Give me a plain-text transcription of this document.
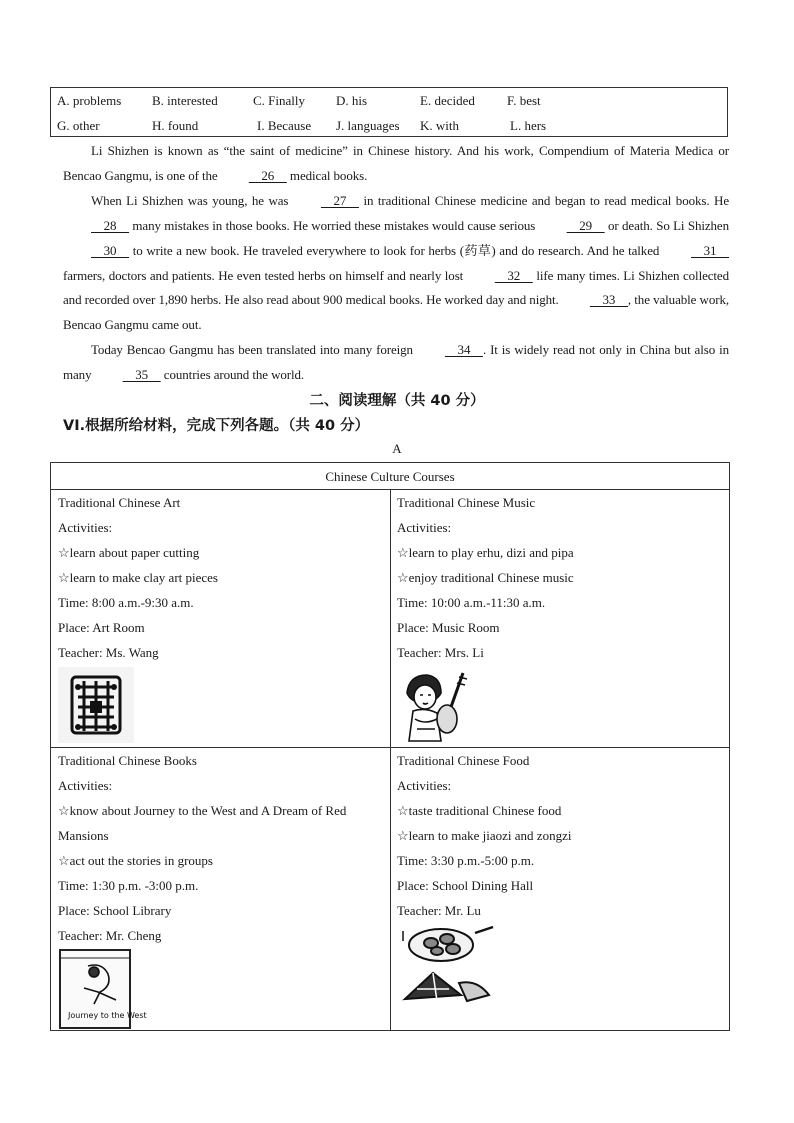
A. problems B. interested	C. Finally D. his	E. decided F. best
G. other	H. found	I. Because J. languages K. with	L. hers

Li Shizhen is known as “the saint of medicine” in Chinese history. And his work, Compendium of Materia Medica or Bencao Gangmu, is one of the     26     medical books.

When Li Shizhen was young, he was     27     in traditional Chinese medicine and began to read medical books. He     28     many mistakes in those books. He worried these mistakes would cause serious     29     or death. So Li Shizhen     30     to write a new book. He traveled everywhere to look for herbs (药草) and do research. And he talked     31     farmers, doctors and patients. He even tested herbs on himself and nearly lost     32     life many times. Li Shizhen collected and recorded over 1,890 herbs. He also read about 900 medical books. He worked day and night.     33    , the valuable work, Bencao Gangmu came out.

Today Bencao Gangmu has been translated into many foreign     34    . It is widely read not only in China but also in many     35     countries around the world.

二、阅读理解（共 40 分）
VI.根据所给材料，完成下列各题。（共 40 分）
A
Chinese Culture Courses
Traditional Chinese Art
Activities:
☆learn about paper cutting
☆learn to make clay art pieces
Time: 8:00 a.m.-9:30 a.m.
Place: Art Room
Teacher: Ms. Wang
Traditional Chinese Music
Activities:
☆learn to play erhu, dizi and pipa
☆enjoy traditional Chinese music
Time: 10:00 a.m.-11:30 a.m.
Place: Music Room
Teacher: Mrs. Li
Traditional Chinese Books
Activities:
☆know about Journey to the West and A Dream of Red
Mansions
☆act out the stories in groups
Time: 1:30 p.m. -3:00 p.m.
Place: School Library
Teacher: Mr. Cheng
Journey to the West
Traditional Chinese Food
Activities:
☆taste traditional Chinese food
☆learn to make jiaozi and zongzi
Time: 3:30 p.m.-5:00 p.m.
Place: School Dining Hall
Teacher: Mr. Lu
